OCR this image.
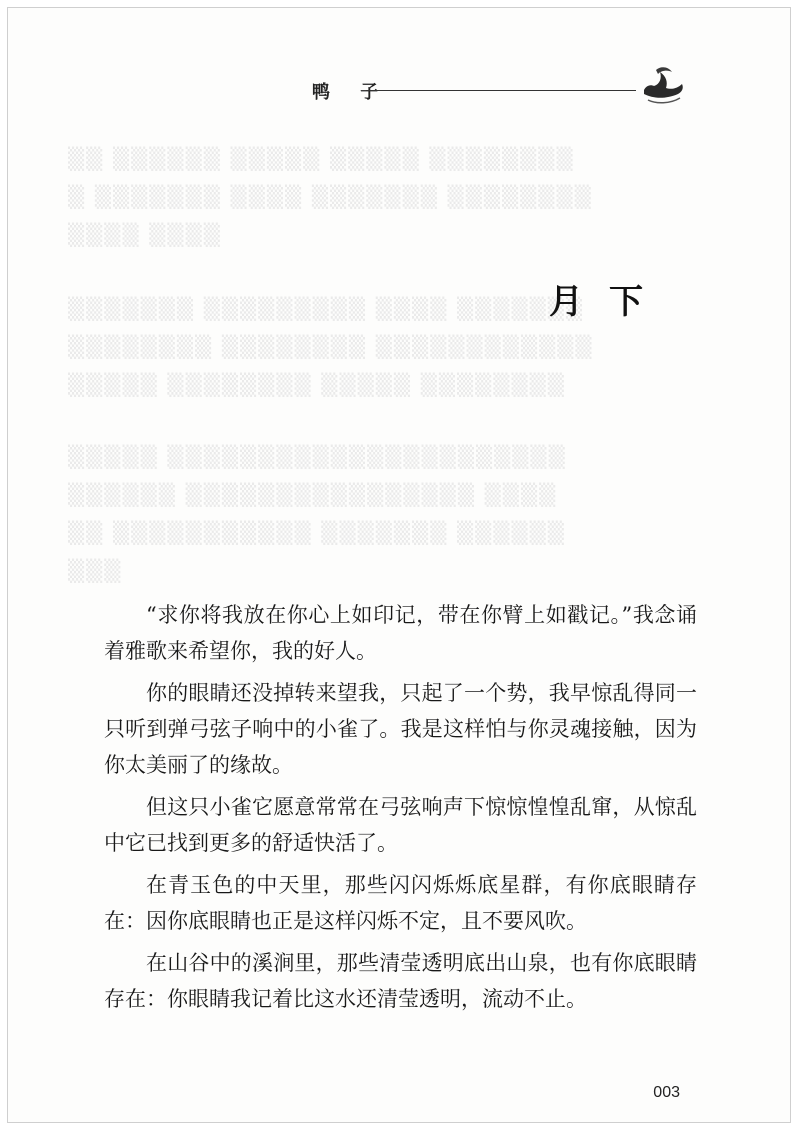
▒▒ ▒▒▒▒▒▒ ▒▒▒▒▒ ▒▒▒▒▒ ▒▒▒▒▒▒▒▒
▒ ▒▒▒▒▒▒▒ ▒▒▒▒ ▒▒▒▒▒▒▒ ▒▒▒▒▒▒▒▒
▒▒▒▒ ▒▒▒▒
▒▒▒▒▒▒▒ ▒▒▒▒▒▒▒▒▒ ▒▒▒▒ ▒▒▒▒▒▒▒
▒▒▒▒▒▒▒▒ ▒▒▒▒▒▒▒▒ ▒▒▒▒▒▒▒▒▒▒▒▒
▒▒▒▒▒ ▒▒▒▒▒▒▒▒ ▒▒▒▒▒ ▒▒▒▒▒▒▒▒
▒▒▒▒▒ ▒▒▒▒▒▒▒▒▒▒▒▒▒▒▒▒▒▒▒▒▒▒
▒▒▒▒▒▒ ▒▒▒▒▒▒▒▒▒▒▒▒▒▒▒▒ ▒▒▒▒
▒▒ ▒▒▒▒▒▒▒▒▒▒▒ ▒▒▒▒▒▒▒ ▒▒▒▒▒▒
▒▒▒
鸭 子
月下

“求你将我放在你心上如印记，带在你臂上如戳记。”我念诵着雅歌来希望你，我的好人。

你的眼睛还没掉转来望我，只起了一个势，我早惊乱得同一只听到弹弓弦子响中的小雀了。我是这样怕与你灵魂接触，因为你太美丽了的缘故。

但这只小雀它愿意常常在弓弦响声下惊惊惶惶乱窜，从惊乱中它已找到更多的舒适快活了。

在青玉色的中天里，那些闪闪烁烁底星群，有你底眼睛存在：因你底眼睛也正是这样闪烁不定，且不要风吹。

在山谷中的溪涧里，那些清莹透明底出山泉，也有你底眼睛存在：你眼睛我记着比这水还清莹透明，流动不止。

003
